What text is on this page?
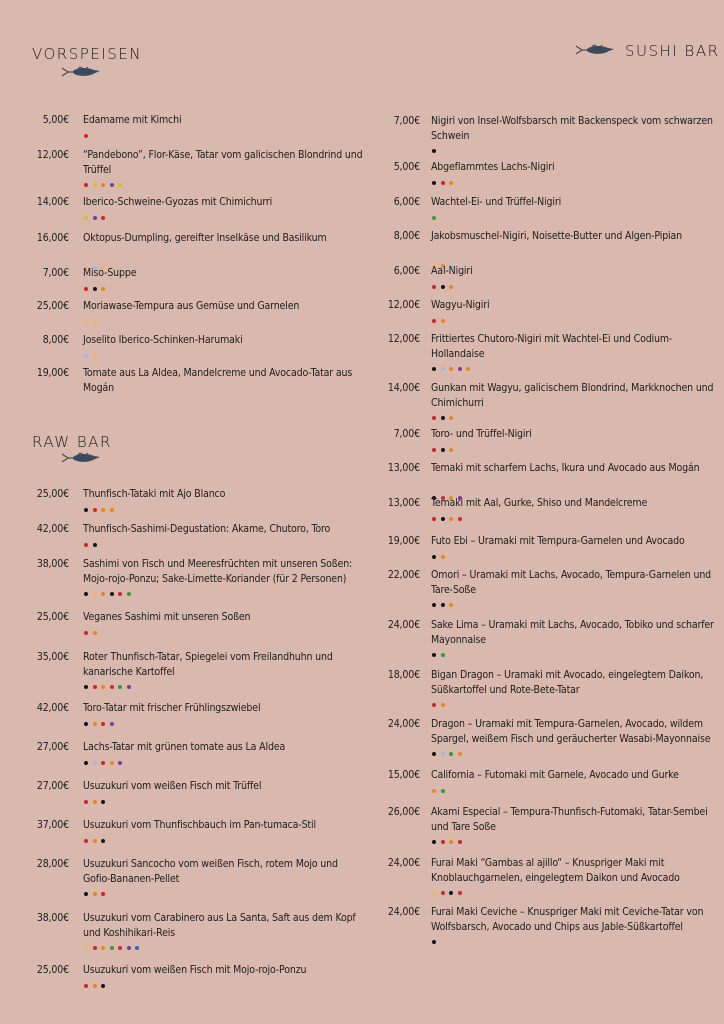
VORSPEISEN
5,00€ Edamame mit Kimchi
12,00€ “Pandebono”, Flor-Käse, Tatar vom galicischen Blondrind und Trüffel
14,00€ Iberico-Schweine-Gyozas mit Chimichurri
16,00€ Oktopus-Dumpling, gereifter Inselkäse und Basilikum
7,00€ Miso-Suppe
25,00€ Moriawase-Tempura aus Gemüse und Garnelen
8,00€ Joselito Iberico-Schinken-Harumaki
19,00€ Tomate aus La Aldea, Mandelcreme und Avocado-Tatar aus Mogán
RAW BAR
25,00€ Thunfisch-Tataki mit Ajo Blanco
42,00€ Thunfisch-Sashimi-Degustation: Akame, Chutoro, Toro
38,00€ Sashimi von Fisch und Meeresfrüchten mit unseren Soßen: Mojo-rojo-Ponzu; Sake-Limette-Koriander (für 2 Personen)
25,00€ Veganes Sashimi mit unseren Soßen
35,00€ Roter Thunfisch-Tatar, Spiegelei vom Freilandhuhn und kanarische Kartoffel
42,00€ Toro-Tatar mit frischer Frühlingszwiebel
27,00€ Lachs-Tatar mit grünen tomate aus La Aldea
27,00€ Usuzukuri vom weißen Fisch mit Trüffel
37,00€ Usuzukuri vom Thunfischbauch im Pan-tumaca-Stil
28,00€ Usuzukuri Sancocho vom weißen Fisch, rotem Mojo und Gofio-Bananen-Pellet
38,00€ Usuzukuri vom Carabinero aus La Santa, Saft aus dem Kopf und Koshihikari-Reis
25,00€ Usuzukuri vom weißen Fisch mit Mojo-rojo-Ponzu
SUSHI BAR
7,00€ Nigiri von Insel-Wolfsbarsch mit Backenspeck vom schwarzen Schwein
5,00€ Abgeflammtes Lachs-Nigiri
6,00€ Wachtel-Ei- und Trüffel-Nigiri
8,00€ Jakobsmuschel-Nigiri, Noisette-Butter und Algen-Pipian
6,00€ Aal-Nigiri
12,00€ Wagyu-Nigiri
12,00€ Frittiertes Chutoro-Nigiri mit Wachtel-Ei und Codium-Hollandaise
14,00€ Gunkan mit Wagyu, galicischem Blondrind, Markknochen und Chimichurri
7,00€ Toro- und Trüffel-Nigiri
13,00€ Temaki mit scharfem Lachs, Ikura und Avocado aus Mogán
13,00€ Temaki mit Aal, Gurke, Shiso und Mandelcreme
19,00€ Futo Ebi – Uramaki mit Tempura-Garnelen und Avocado
22,00€ Omori – Uramaki mit Lachs, Avocado, Tempura-Garnelen und Tare-Soße
24,00€ Sake Lima – Uramaki mit Lachs, Avocado, Tobiko und scharfer Mayonnaise
18,00€ Bigan Dragon – Uramaki mit Avocado, eingelegtem Daikon, Süßkartoffel und Rote-Bete-Tatar
24,00€ Dragon – Uramaki mit Tempura-Garnelen, Avocado, wildem Spargel, weißem Fisch und geräucherter Wasabi-Mayonnaise
15,00€ California – Futomaki mit Garnele, Avocado und Gurke
26,00€ Akami Especial – Tempura-Thunfisch-Futomaki, Tatar-Sembei und Tare Soße
24,00€ Furai Maki “Gambas al ajillo“ – Knuspriger Maki mit Knoblauchgarnelen, eingelegtem Daikon und Avocado
24,00€ Furai Maki Ceviche – Knuspriger Maki mit Ceviche-Tatar von Wolfsbarsch, Avocado und Chips aus Jable-Süßkartoffel
